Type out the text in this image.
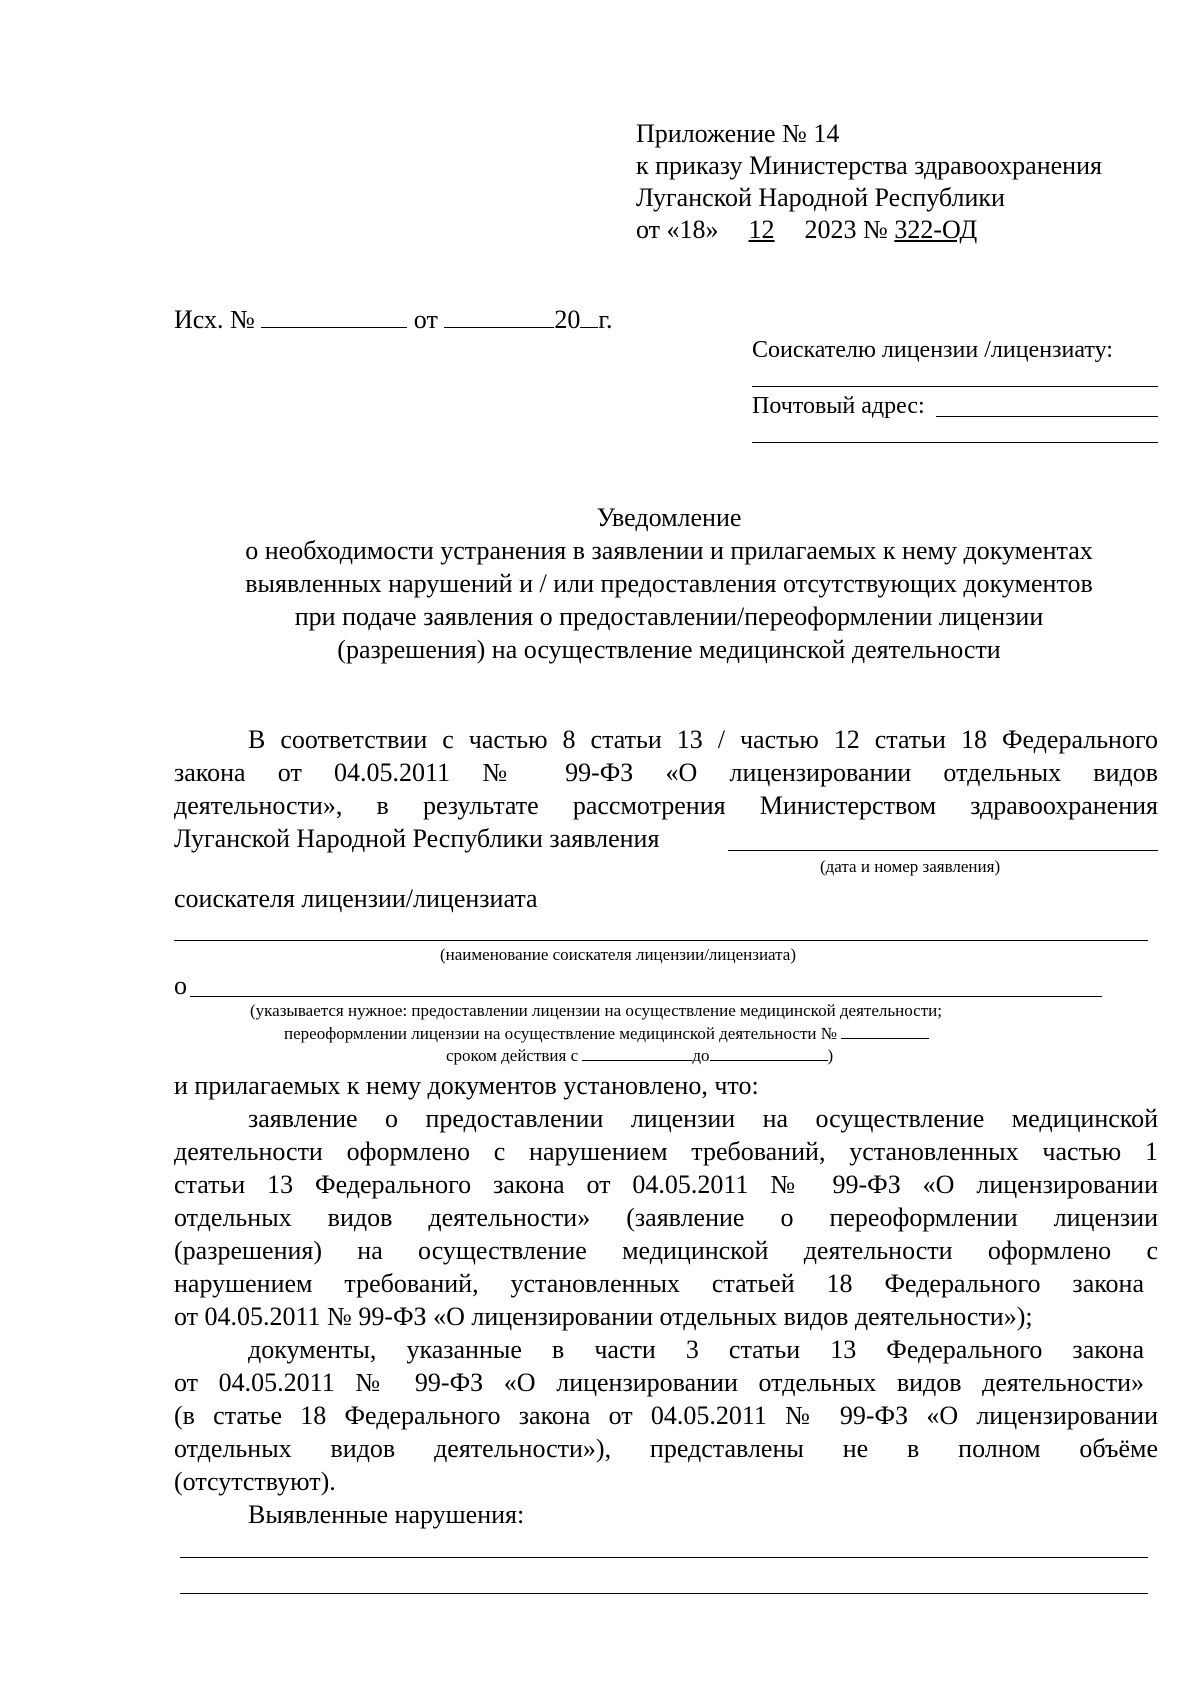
Приложение № 14
к приказу Министерства здравоохранения
Луганской Народной Республики
от «18» 12 2023 № 322-ОД
Исх. №	от	20 г.
Соискателю лицензии /лицензиату:
Почтовый адрес:
Уведомление
о необходимости устранения в заявлении и прилагаемых к нему документах
выявленных нарушений и / или предоставления отсутствующих документов
при подаче заявления о предоставлении/переоформлении лицензии
(разрешения) на осуществление медицинской деятельности
В соответствии с частью 8 статьи 13 / частью 12 статьи 18 Федерального
закона от 04.05.2011 № 99-ФЗ «О лицензировании отдельных видов
деятельности», в результате рассмотрения Министерством здравоохранения
Луганской Народной Республики заявления
(дата и номер заявления)
соискателя лицензии/лицензиата
(наименование соискателя лицензии/лицензиата)
о
(указывается нужное: предоставлении лицензии на осуществление медицинской деятельности;
переоформлении лицензии на осуществление медицинской деятельности №
сроком действия с	до	)
и прилагаемых к нему документов установлено, что:
заявление о предоставлении лицензии на осуществление медицинской
деятельности оформлено с нарушением требований, установленных частью 1
статьи 13 Федерального закона от 04.05.2011 № 99-ФЗ «О лицензировании
отдельных видов деятельности» (заявление о переоформлении лицензии
(разрешения) на осуществление медицинской деятельности оформлено с
нарушением требований, установленных статьей 18 Федерального закона
от 04.05.2011 № 99-ФЗ «О лицензировании отдельных видов деятельности»);
документы, указанные в части 3 статьи 13 Федерального закона
от 04.05.2011 № 99-ФЗ «О лицензировании отдельных видов деятельности»
(в статье 18 Федерального закона от 04.05.2011 № 99-ФЗ «О лицензировании
отдельных видов деятельности»), представлены не в полном объёме
(отсутствуют).
Выявленные нарушения:
